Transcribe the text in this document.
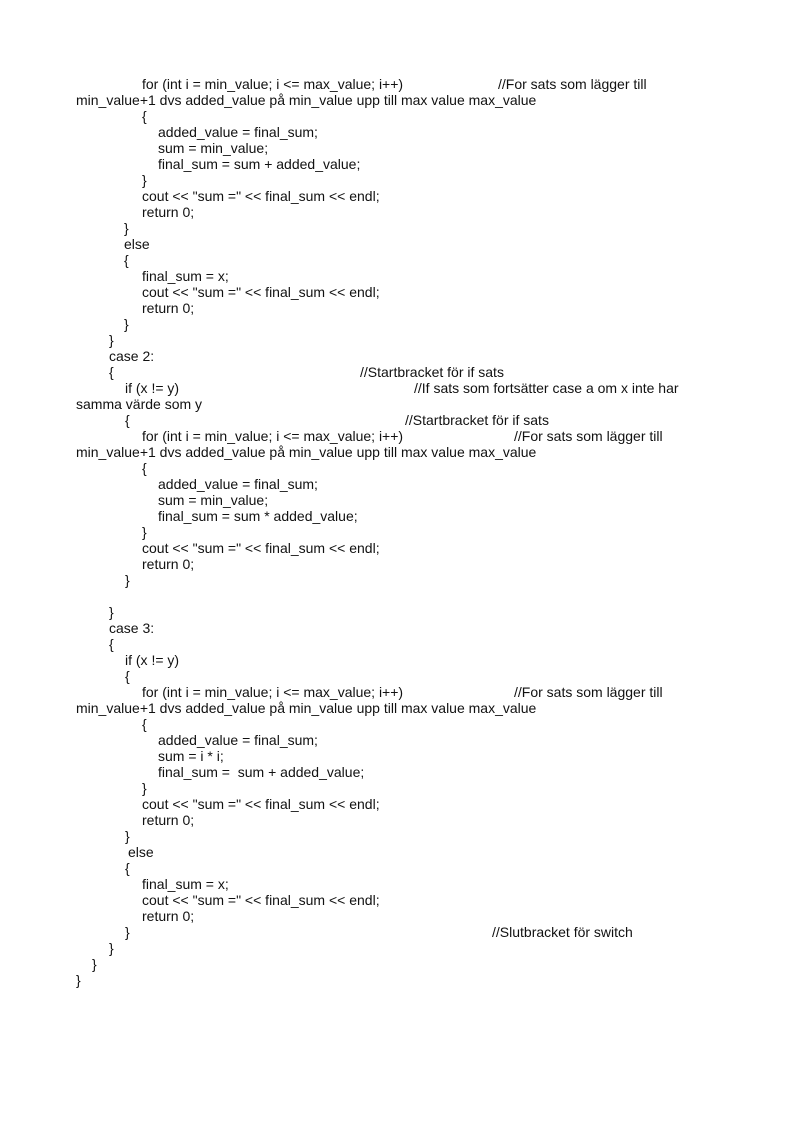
for (int i = min_value; i <= max_value; i++)	//For sats som lägger till
min_value+1 dvs added_value på min_value upp till max value max_value
{
added_value = final_sum;
sum = min_value;
final_sum = sum + added_value;
}
cout << "sum =" << final_sum << endl;
return 0;
}
else
{
final_sum = x;
cout << "sum =" << final_sum << endl;
return 0;
}
}
case 2:
{	//Startbracket för if sats
if (x != y)	//If sats som fortsätter case a om x inte har
samma värde som y
{	//Startbracket för if sats
for (int i = min_value; i <= max_value; i++)	//For sats som lägger till
min_value+1 dvs added_value på min_value upp till max value max_value
{
added_value = final_sum;
sum = min_value;
final_sum = sum * added_value;
}
cout << "sum =" << final_sum << endl;
return 0;
}
}
case 3:
{
if (x != y)
{
for (int i = min_value; i <= max_value; i++)	//For sats som lägger till
min_value+1 dvs added_value på min_value upp till max value max_value
{
added_value = final_sum;
sum = i * i;
final_sum =  sum + added_value;
}
cout << "sum =" << final_sum << endl;
return 0;
}
else
{
final_sum = x;
cout << "sum =" << final_sum << endl;
return 0;
}	//Slutbracket för switch
}
}
}
